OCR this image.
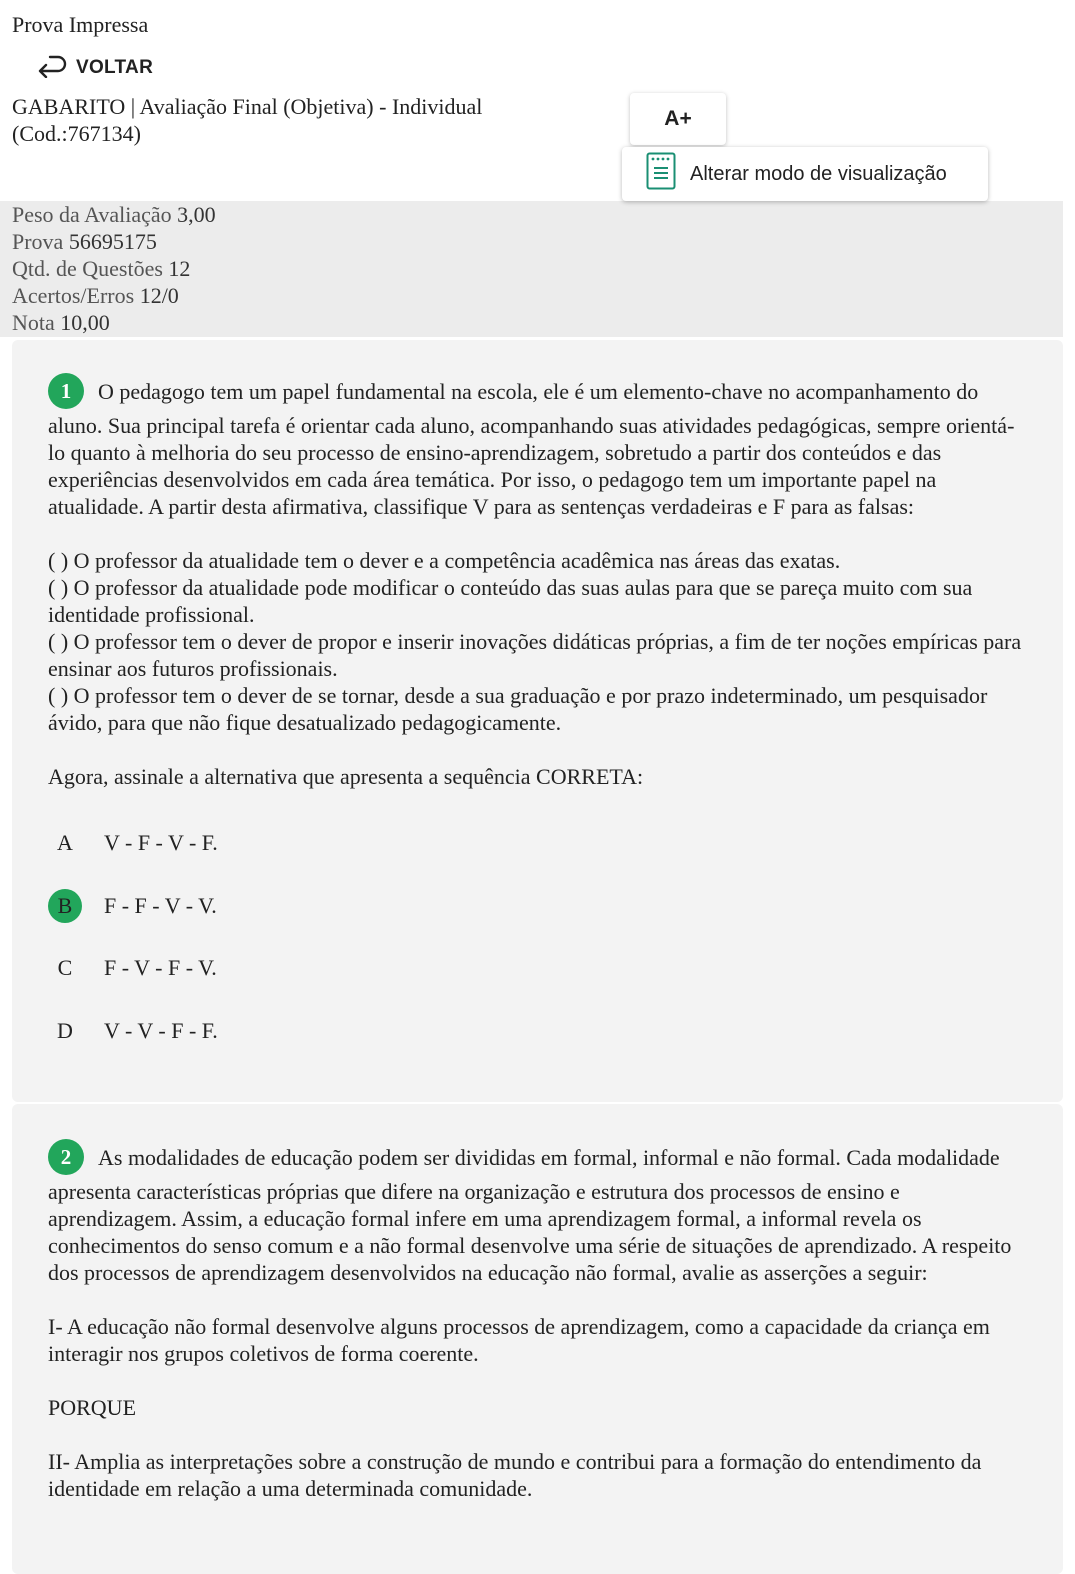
Prova Impressa
VOLTAR
GABARITO | Avaliação Final (Objetiva) - Individual
(Cod.:767134)
A+
Alterar modo de visualização
Peso da Avaliação 3,00
Prova 56695175
Qtd. de Questões 12
Acertos/Erros 12/0
Nota 10,00

1 O pedagogo tem um papel fundamental na escola, ele é um elemento-chave no acompanhamento do aluno. Sua principal tarefa é orientar cada aluno, acompanhando suas atividades pedagógicas, sempre orientá-lo quanto à melhoria do seu processo de ensino-aprendizagem, sobretudo a partir dos conteúdos e das experiências desenvolvidos em cada área temática. Por isso, o pedagogo tem um importante papel na atualidade. A partir desta afirmativa, classifique V para as sentenças verdadeiras e F para as falsas:

( ) O professor da atualidade tem o dever e a competência acadêmica nas áreas das exatas.

( ) O professor da atualidade pode modificar o conteúdo das suas aulas para que se pareça muito com sua identidade profissional.

( ) O professor tem o dever de propor e inserir inovações didáticas próprias, a fim de ter noções empíricas para ensinar aos futuros profissionais.

( ) O professor tem o dever de se tornar, desde a sua graduação e por prazo indeterminado, um pesquisador ávido, para que não fique desatualizado pedagogicamente.

Agora, assinale a alternativa que apresenta a sequência CORRETA:

A	V - F - V - F.
B	F - F - V - V.
C	F - V - F - V.
D	V - V - F - F.

2 As modalidades de educação podem ser divididas em formal, informal e não formal. Cada modalidade apresenta características próprias que difere na organização e estrutura dos processos de ensino e aprendizagem. Assim, a educação formal infere em uma aprendizagem formal, a informal revela os conhecimentos do senso comum e a não formal desenvolve uma série de situações de aprendizado. A respeito dos processos de aprendizagem desenvolvidos na educação não formal, avalie as asserções a seguir:

I- A educação não formal desenvolve alguns processos de aprendizagem, como a capacidade da criança em interagir nos grupos coletivos de forma coerente.

PORQUE

II- Amplia as interpretações sobre a construção de mundo e contribui para a formação do entendimento da identidade em relação a uma determinada comunidade.
